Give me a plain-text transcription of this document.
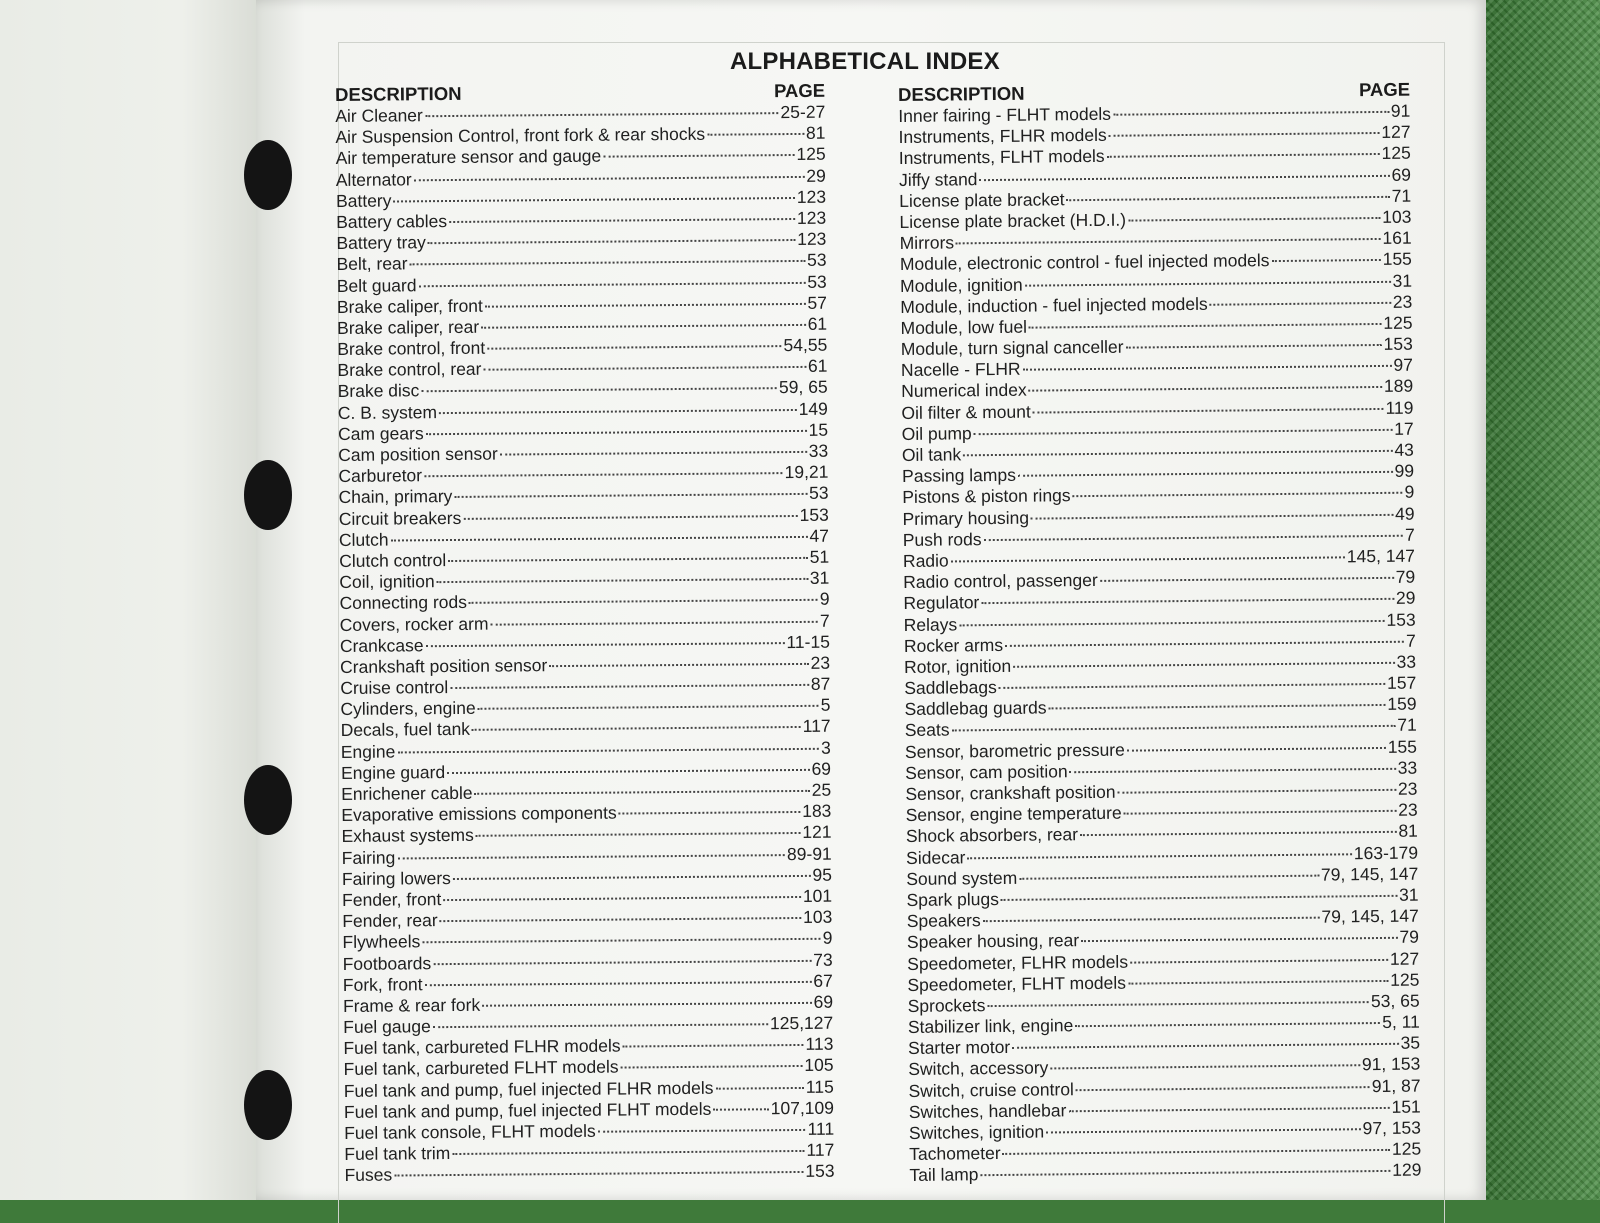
ALPHABETICAL INDEX
DESCRIPTION	PAGE
Air Cleaner	25-27
Air Suspension Control, front fork & rear shocks	81
Air temperature sensor and gauge	125
Alternator	29
Battery	123
Battery cables	123
Battery tray	123
Belt, rear	53
Belt guard	53
Brake caliper, front	57
Brake caliper, rear	61
Brake control, front	54,55
Brake control, rear	61
Brake disc	59, 65
C. B. system	149
Cam gears	15
Cam position sensor	33
Carburetor	19,21
Chain, primary	53
Circuit breakers	153
Clutch	47
Clutch control	51
Coil, ignition	31
Connecting rods	9
Covers, rocker arm	7
Crankcase	11-15
Crankshaft position sensor	23
Cruise control	87
Cylinders, engine	5
Decals, fuel tank	117
Engine	3
Engine guard	69
Enrichener cable	25
Evaporative emissions components	183
Exhaust systems	121
Fairing	89-91
Fairing lowers	95
Fender, front	101
Fender, rear	103
Flywheels	9
Footboards	73
Fork, front	67
Frame & rear fork	69
Fuel gauge	125,127
Fuel tank, carbureted FLHR models	113
Fuel tank, carbureted FLHT models	105
Fuel tank and pump, fuel injected FLHR models	115
Fuel tank and pump, fuel injected FLHT models	107,109
Fuel tank console, FLHT models	111
Fuel tank trim	117
Fuses	153
DESCRIPTION	PAGE
Inner fairing - FLHT models	91
Instruments, FLHR models	127
Instruments, FLHT models	125
Jiffy stand	69
License plate bracket	71
License plate bracket (H.D.I.)	103
Mirrors	161
Module, electronic control - fuel injected models	155
Module, ignition	31
Module, induction - fuel injected models	23
Module, low fuel	125
Module, turn signal canceller	153
Nacelle - FLHR	97
Numerical index	189
Oil filter & mount	119
Oil pump	17
Oil tank	43
Passing lamps	99
Pistons & piston rings	9
Primary housing	49
Push rods	7
Radio	145, 147
Radio control, passenger	79
Regulator	29
Relays	153
Rocker arms	7
Rotor, ignition	33
Saddlebags	157
Saddlebag guards	159
Seats	71
Sensor, barometric pressure	155
Sensor, cam position	33
Sensor, crankshaft position	23
Sensor, engine temperature	23
Shock absorbers, rear	81
Sidecar	163-179
Sound system	79, 145, 147
Spark plugs	31
Speakers	79, 145, 147
Speaker housing, rear	79
Speedometer, FLHR models	127
Speedometer, FLHT models	125
Sprockets	53, 65
Stabilizer link, engine	5, 11
Starter motor	35
Switch, accessory	91, 153
Switch, cruise control	91, 87
Switches, handlebar	151
Switches, ignition	97, 153
Tachometer	125
Tail lamp	129
